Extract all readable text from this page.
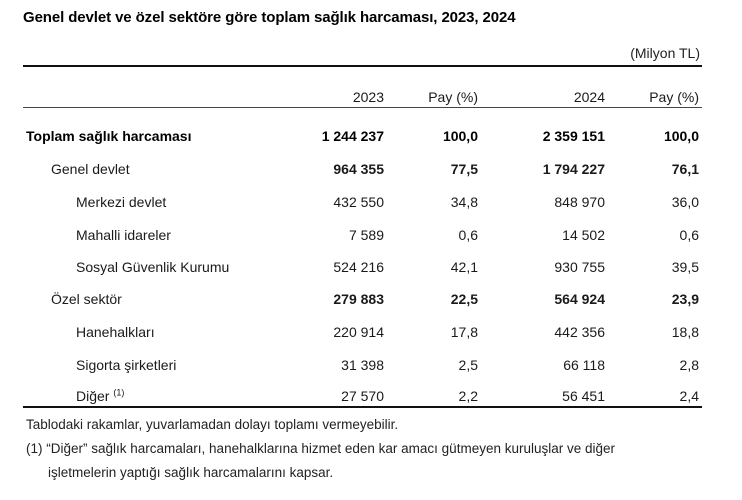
Genel devlet ve özel sektöre göre toplam sağlık harcaması, 2023, 2024
(Milyon TL)
2023	Pay (%)	2024	Pay (%)
Toplam sağlık harcaması	1 244 237	100,0	2 359 151	100,0
Genel devlet	964 355	77,5	1 794 227	76,1
Merkezi devlet	432 550	34,8	848 970	36,0
Mahalli idareler	7 589	0,6	14 502	0,6
Sosyal Güvenlik Kurumu	524 216	42,1	930 755	39,5
Özel sektör	279 883	22,5	564 924	23,9
Hanehalkları	220 914	17,8	442 356	18,8
Sigorta şirketleri	31 398	2,5	66 118	2,8
Diğer $^{(1)}$	27 570	2,2	56 451	2,4
Tablodaki rakamlar, yuvarlamadan dolayı toplamı vermeyebilir.
(1) “Diğer” sağlık harcamaları, hanehalklarına hizmet eden kar amacı gütmeyen kuruluşlar ve diğer
işletmelerin yaptığı sağlık harcamalarını kapsar.
